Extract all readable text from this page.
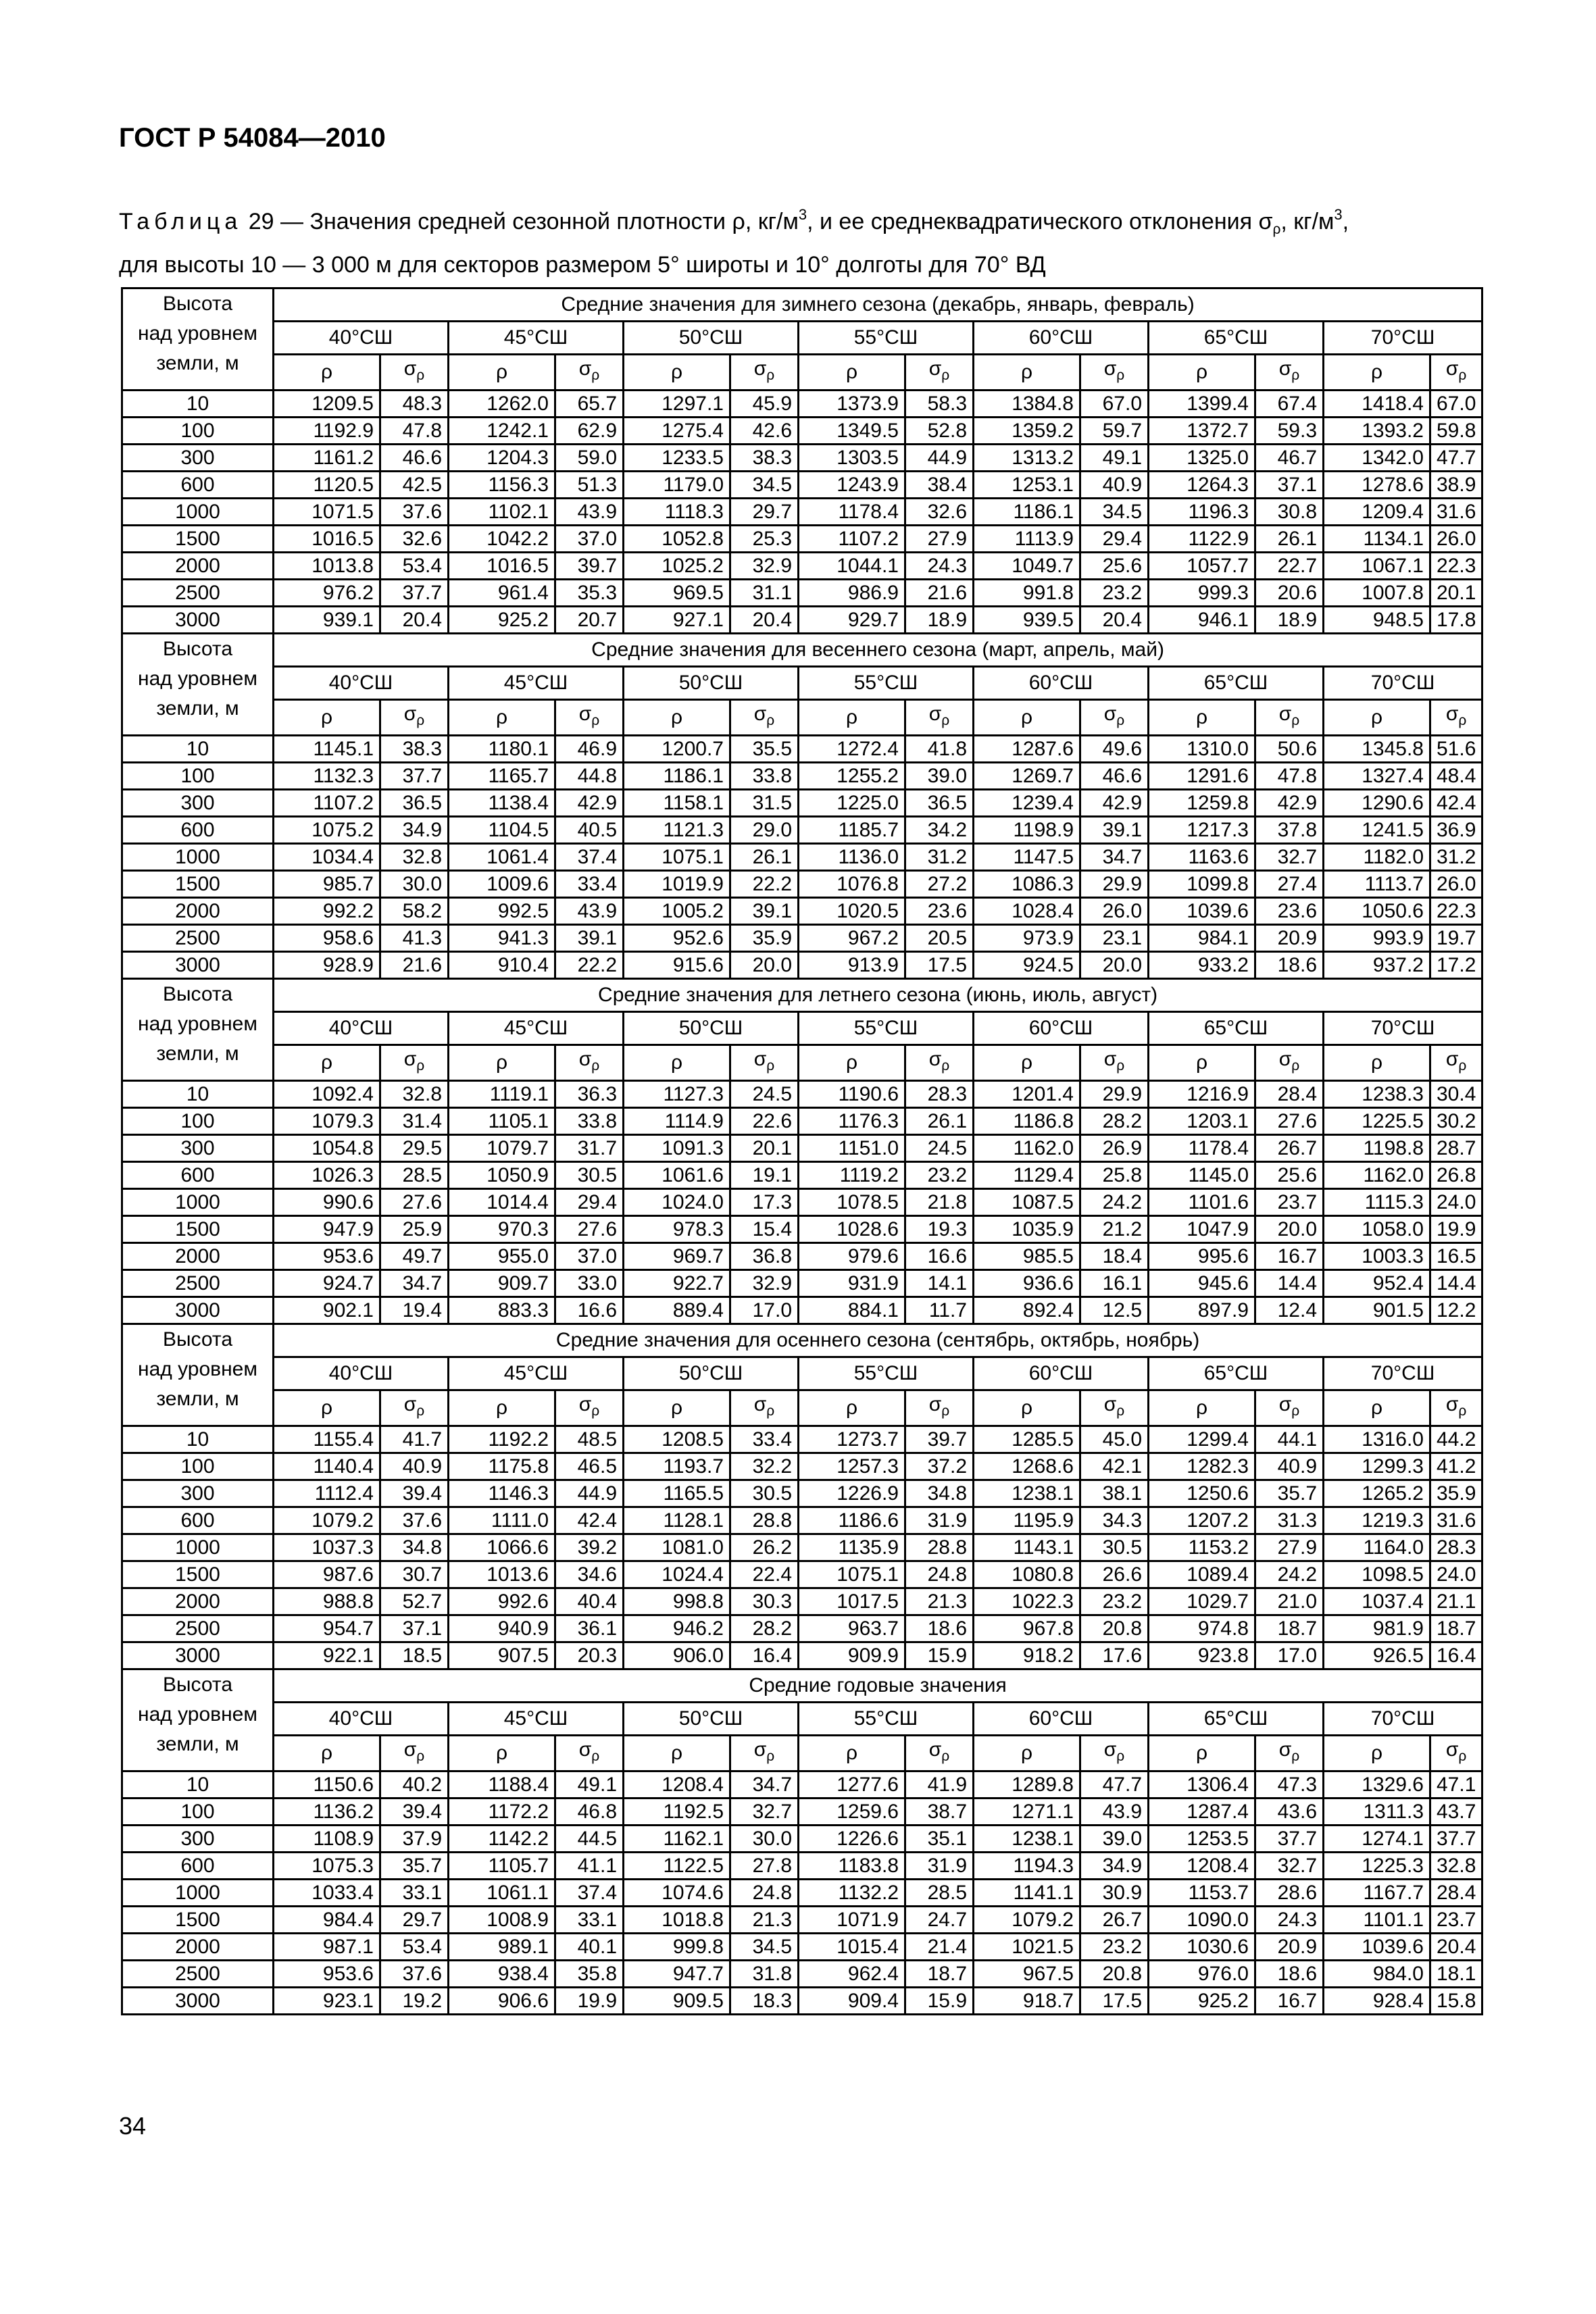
ГОСТ Р 54084—2010
Таблица 29 — Значения средней сезонной плотности ρ, $кг/м^3$, и ее среднеквадратического отклонения $\sigma_\rho$, $кг/м^3$,
для высоты 10 — 3 000 м для секторов размером 5° широты и 10° долготы для 70° ВД
Высота
над уровнем
земли, м	Средние значения для зимнего сезона (декабрь, январь, февраль)													
	40°СШ		45°СШ		50°СШ		55°СШ		60°СШ		65°СШ		70°СШ	
	ρ	$\sigma_\rho$	ρ	$\sigma_\rho$	ρ	$\sigma_\rho$	ρ	$\sigma_\rho$	ρ	$\sigma_\rho$	ρ	$\sigma_\rho$	ρ	$\sigma_\rho$
10	1209.5	48.3	1262.0	65.7	1297.1	45.9	1373.9	58.3	1384.8	67.0	1399.4	67.4	1418.4	67.0
100	1192.9	47.8	1242.1	62.9	1275.4	42.6	1349.5	52.8	1359.2	59.7	1372.7	59.3	1393.2	59.8
300	1161.2	46.6	1204.3	59.0	1233.5	38.3	1303.5	44.9	1313.2	49.1	1325.0	46.7	1342.0	47.7
600	1120.5	42.5	1156.3	51.3	1179.0	34.5	1243.9	38.4	1253.1	40.9	1264.3	37.1	1278.6	38.9
1000	1071.5	37.6	1102.1	43.9	1118.3	29.7	1178.4	32.6	1186.1	34.5	1196.3	30.8	1209.4	31.6
1500	1016.5	32.6	1042.2	37.0	1052.8	25.3	1107.2	27.9	1113.9	29.4	1122.9	26.1	1134.1	26.0
2000	1013.8	53.4	1016.5	39.7	1025.2	32.9	1044.1	24.3	1049.7	25.6	1057.7	22.7	1067.1	22.3
2500	976.2	37.7	961.4	35.3	969.5	31.1	986.9	21.6	991.8	23.2	999.3	20.6	1007.8	20.1
3000	939.1	20.4	925.2	20.7	927.1	20.4	929.7	18.9	939.5	20.4	946.1	18.9	948.5	17.8

Высота
над уровнем
земли, м	Средние значения для весеннего сезона (март, апрель, май)													
	40°СШ		45°СШ		50°СШ		55°СШ		60°СШ		65°СШ		70°СШ	
	ρ	$\sigma_\rho$	ρ	$\sigma_\rho$	ρ	$\sigma_\rho$	ρ	$\sigma_\rho$	ρ	$\sigma_\rho$	ρ	$\sigma_\rho$	ρ	$\sigma_\rho$
10	1145.1	38.3	1180.1	46.9	1200.7	35.5	1272.4	41.8	1287.6	49.6	1310.0	50.6	1345.8	51.6
100	1132.3	37.7	1165.7	44.8	1186.1	33.8	1255.2	39.0	1269.7	46.6	1291.6	47.8	1327.4	48.4
300	1107.2	36.5	1138.4	42.9	1158.1	31.5	1225.0	36.5	1239.4	42.9	1259.8	42.9	1290.6	42.4
600	1075.2	34.9	1104.5	40.5	1121.3	29.0	1185.7	34.2	1198.9	39.1	1217.3	37.8	1241.5	36.9
1000	1034.4	32.8	1061.4	37.4	1075.1	26.1	1136.0	31.2	1147.5	34.7	1163.6	32.7	1182.0	31.2
1500	985.7	30.0	1009.6	33.4	1019.9	22.2	1076.8	27.2	1086.3	29.9	1099.8	27.4	1113.7	26.0
2000	992.2	58.2	992.5	43.9	1005.2	39.1	1020.5	23.6	1028.4	26.0	1039.6	23.6	1050.6	22.3
2500	958.6	41.3	941.3	39.1	952.6	35.9	967.2	20.5	973.9	23.1	984.1	20.9	993.9	19.7
3000	928.9	21.6	910.4	22.2	915.6	20.0	913.9	17.5	924.5	20.0	933.2	18.6	937.2	17.2

Высота
над уровнем
земли, м	Средние значения для летнего сезона (июнь, июль, август)													
	40°СШ		45°СШ		50°СШ		55°СШ		60°СШ		65°СШ		70°СШ	
	ρ	$\sigma_\rho$	ρ	$\sigma_\rho$	ρ	$\sigma_\rho$	ρ	$\sigma_\rho$	ρ	$\sigma_\rho$	ρ	$\sigma_\rho$	ρ	$\sigma_\rho$
10	1092.4	32.8	1119.1	36.3	1127.3	24.5	1190.6	28.3	1201.4	29.9	1216.9	28.4	1238.3	30.4
100	1079.3	31.4	1105.1	33.8	1114.9	22.6	1176.3	26.1	1186.8	28.2	1203.1	27.6	1225.5	30.2
300	1054.8	29.5	1079.7	31.7	1091.3	20.1	1151.0	24.5	1162.0	26.9	1178.4	26.7	1198.8	28.7
600	1026.3	28.5	1050.9	30.5	1061.6	19.1	1119.2	23.2	1129.4	25.8	1145.0	25.6	1162.0	26.8
1000	990.6	27.6	1014.4	29.4	1024.0	17.3	1078.5	21.8	1087.5	24.2	1101.6	23.7	1115.3	24.0
1500	947.9	25.9	970.3	27.6	978.3	15.4	1028.6	19.3	1035.9	21.2	1047.9	20.0	1058.0	19.9
2000	953.6	49.7	955.0	37.0	969.7	36.8	979.6	16.6	985.5	18.4	995.6	16.7	1003.3	16.5
2500	924.7	34.7	909.7	33.0	922.7	32.9	931.9	14.1	936.6	16.1	945.6	14.4	952.4	14.4
3000	902.1	19.4	883.3	16.6	889.4	17.0	884.1	11.7	892.4	12.5	897.9	12.4	901.5	12.2

Высота
над уровнем
земли, м	Средние значения для осеннего сезона (сентябрь, октябрь, ноябрь)													
	40°СШ		45°СШ		50°СШ		55°СШ		60°СШ		65°СШ		70°СШ	
	ρ	$\sigma_\rho$	ρ	$\sigma_\rho$	ρ	$\sigma_\rho$	ρ	$\sigma_\rho$	ρ	$\sigma_\rho$	ρ	$\sigma_\rho$	ρ	$\sigma_\rho$
10	1155.4	41.7	1192.2	48.5	1208.5	33.4	1273.7	39.7	1285.5	45.0	1299.4	44.1	1316.0	44.2
100	1140.4	40.9	1175.8	46.5	1193.7	32.2	1257.3	37.2	1268.6	42.1	1282.3	40.9	1299.3	41.2
300	1112.4	39.4	1146.3	44.9	1165.5	30.5	1226.9	34.8	1238.1	38.1	1250.6	35.7	1265.2	35.9
600	1079.2	37.6	1111.0	42.4	1128.1	28.8	1186.6	31.9	1195.9	34.3	1207.2	31.3	1219.3	31.6
1000	1037.3	34.8	1066.6	39.2	1081.0	26.2	1135.9	28.8	1143.1	30.5	1153.2	27.9	1164.0	28.3
1500	987.6	30.7	1013.6	34.6	1024.4	22.4	1075.1	24.8	1080.8	26.6	1089.4	24.2	1098.5	24.0
2000	988.8	52.7	992.6	40.4	998.8	30.3	1017.5	21.3	1022.3	23.2	1029.7	21.0	1037.4	21.1
2500	954.7	37.1	940.9	36.1	946.2	28.2	963.7	18.6	967.8	20.8	974.8	18.7	981.9	18.7
3000	922.1	18.5	907.5	20.3	906.0	16.4	909.9	15.9	918.2	17.6	923.8	17.0	926.5	16.4

Высота
над уровнем
земли, м	Средние годовые значения													
	40°СШ		45°СШ		50°СШ		55°СШ		60°СШ		65°СШ		70°СШ	
	ρ	$\sigma_\rho$	ρ	$\sigma_\rho$	ρ	$\sigma_\rho$	ρ	$\sigma_\rho$	ρ	$\sigma_\rho$	ρ	$\sigma_\rho$	ρ	$\sigma_\rho$
10	1150.6	40.2	1188.4	49.1	1208.4	34.7	1277.6	41.9	1289.8	47.7	1306.4	47.3	1329.6	47.1
100	1136.2	39.4	1172.2	46.8	1192.5	32.7	1259.6	38.7	1271.1	43.9	1287.4	43.6	1311.3	43.7
300	1108.9	37.9	1142.2	44.5	1162.1	30.0	1226.6	35.1	1238.1	39.0	1253.5	37.7	1274.1	37.7
600	1075.3	35.7	1105.7	41.1	1122.5	27.8	1183.8	31.9	1194.3	34.9	1208.4	32.7	1225.3	32.8
1000	1033.4	33.1	1061.1	37.4	1074.6	24.8	1132.2	28.5	1141.1	30.9	1153.7	28.6	1167.7	28.4
1500	984.4	29.7	1008.9	33.1	1018.8	21.3	1071.9	24.7	1079.2	26.7	1090.0	24.3	1101.1	23.7
2000	987.1	53.4	989.1	40.1	999.8	34.5	1015.4	21.4	1021.5	23.2	1030.6	20.9	1039.6	20.4
2500	953.6	37.6	938.4	35.8	947.7	31.8	962.4	18.7	967.5	20.8	976.0	18.6	984.0	18.1
3000	923.1	19.2	906.6	19.9	909.5	18.3	909.4	15.9	918.7	17.5	925.2	16.7	928.4	15.8
34
